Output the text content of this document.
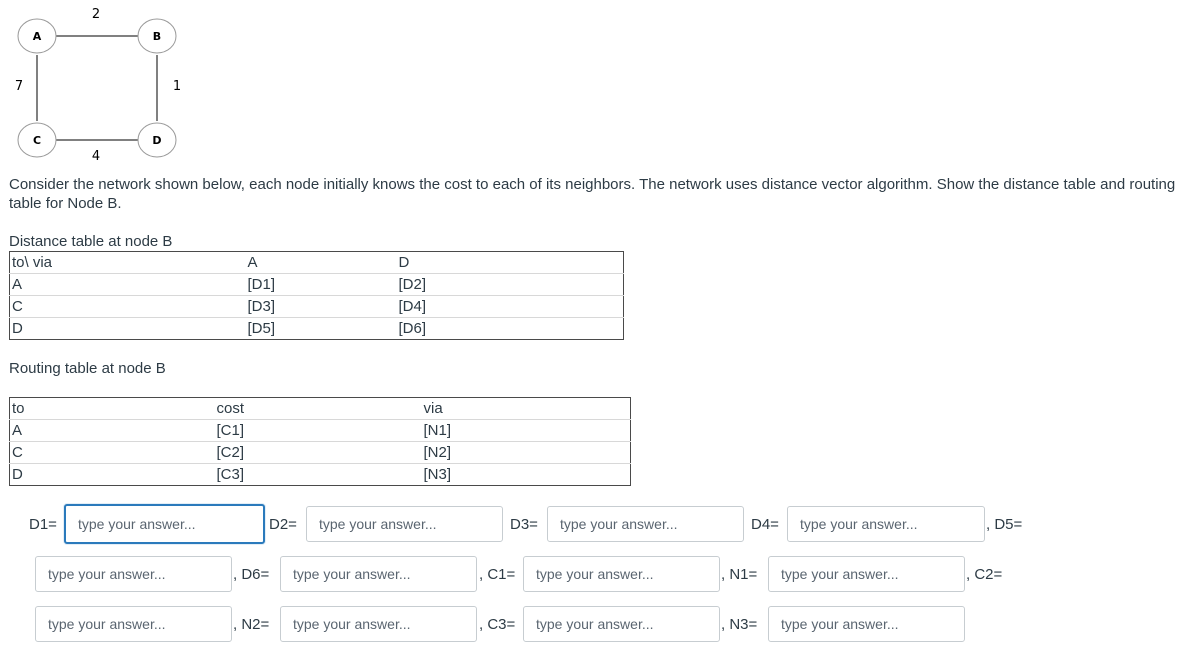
A	B
C	D
2
1
7
4
Consider the network shown below, each node initially knows the cost to each of its neighbors. The network uses distance vector algorithm. Show the distance table and routing table for Node B.
Distance table at node B
to\ via	A	D
A	[D1]	[D2]
C	[D3]	[D4]
D	[D5]	[D6]
Routing table at node B
to	cost	via
A	[C1]	[N1]
C	[C2]	[N2]
D	[C3]	[N3]
D1=
type your answer...	D2=
type your answer...	D3=
type your answer...	D4=
type your answer...	, D5=
type your answer...
, D6=
type your answer...	, C1=
type your answer...	, N1=
type your answer...	, C2=
type your answer...
, N2=
type your answer...	, C3=
type your answer...	, N3=
type your answer...
